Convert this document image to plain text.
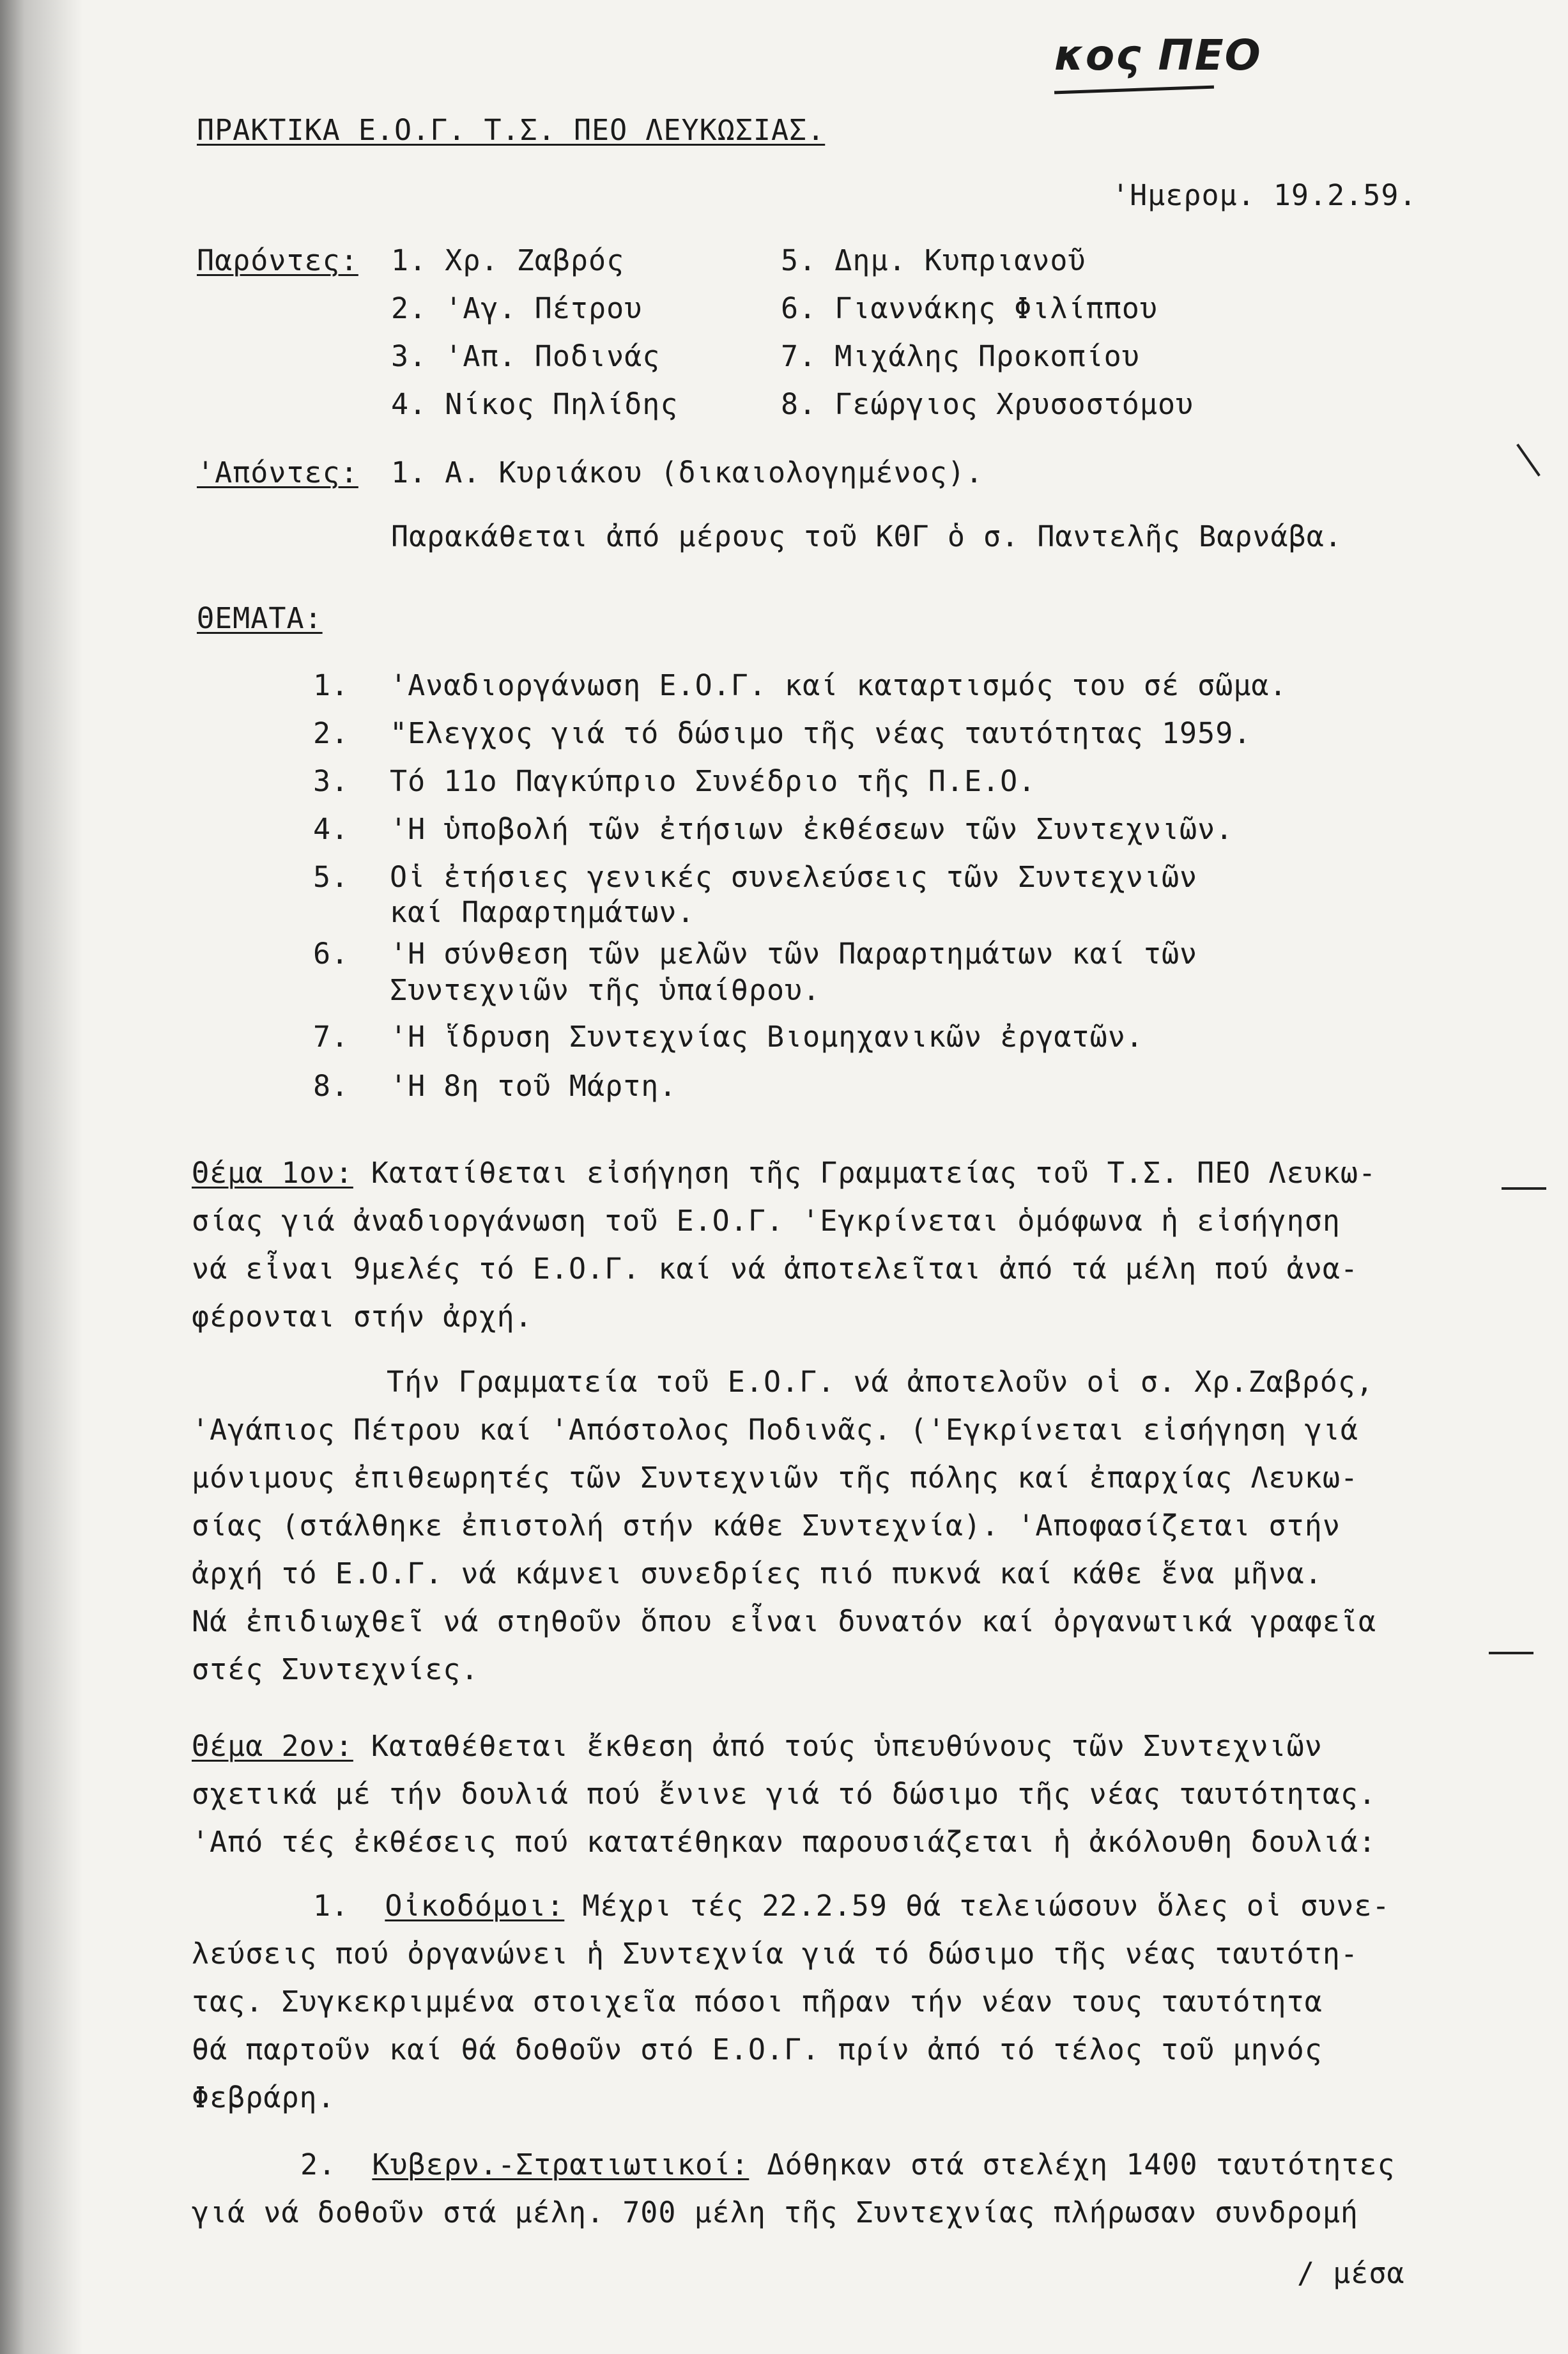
κος ΠΕΟ
ΠΡΑΚΤΙΚΑ Ε.Ο.Γ. Τ.Σ. ΠΕΟ ΛΕΥΚΩΣΙΑΣ.
'Ημερομ. 19.2.59.
Παρόντες: 1. Χρ. Ζαβρός
2. 'Αγ. Πέτρου
3. 'Απ. Ποδινάς
4. Νίκος Πηλίδης
5. Δημ. Κυπριανοῦ
6. Γιαννάκης Φιλίππου
7. Μιχάλης Προκοπίου
8. Γεώργιος Χρυσοστόμου
'Απόντες: 1. Α. Κυριάκου (δικαιολογημένος).
Παρακάθεται ἀπό μέρους τοῦ ΚΘΓ ὁ σ. Παντελῆς Βαρνάβα.
ΘΕΜΑΤΑ:
1. 'Αναδιοργάνωση Ε.Ο.Γ. καί καταρτισμός του σέ σῶμα.
2. "Ελεγχος γιά τό δώσιμο τῆς νέας ταυτότητας 1959.
3. Τό 11ο Παγκύπριο Συνέδριο τῆς Π.Ε.Ο.
4. 'Η ὑποβολή τῶν ἐτήσιων ἐκθέσεων τῶν Συντεχνιῶν.
5. Οἱ ἐτήσιες γενικές συνελεύσεις τῶν Συντεχνιῶν
καί Παραρτημάτων.
6. 'Η σύνθεση τῶν μελῶν τῶν Παραρτημάτων καί τῶν
Συντεχνιῶν τῆς ὑπαίθρου.
7. 'Η ἵδρυση Συντεχνίας Βιομηχανικῶν ἐργατῶν.
8. 'Η 8η τοῦ Μάρτη.
Θέμα 1ον: Κατατίθεται εἰσήγηση τῆς Γραμματείας τοῦ Τ.Σ. ΠΕΟ Λευκω-
σίας γιά ἀναδιοργάνωση τοῦ Ε.Ο.Γ. 'Εγκρίνεται ὁμόφωνα ἡ εἰσήγηση
νά εἶναι 9μελές τό Ε.Ο.Γ. καί νά ἀποτελεῖται ἀπό τά μέλη πού ἀνα-
φέρονται στήν ἀρχή.
Τήν Γραμματεία τοῦ Ε.Ο.Γ. νά ἀποτελοῦν οἱ σ. Χρ.Ζαβρός,
'Αγάπιος Πέτρου καί 'Απόστολος Ποδινᾶς. ('Εγκρίνεται εἰσήγηση γιά
μόνιμους ἐπιθεωρητές τῶν Συντεχνιῶν τῆς πόλης καί ἐπαρχίας Λευκω-
σίας (στάλθηκε ἐπιστολή στήν κάθε Συντεχνία). 'Αποφασίζεται στήν
ἀρχή τό Ε.Ο.Γ. νά κάμνει συνεδρίες πιό πυκνά καί κάθε ἕνα μῆνα.
Νά ἐπιδιωχθεῖ νά στηθοῦν ὅπου εἶναι δυνατόν καί ὀργανωτικά γραφεῖα
στές Συντεχνίες.
Θέμα 2ον: Καταθέθεται ἔκθεση ἀπό τούς ὑπευθύνους τῶν Συντεχνιῶν
σχετικά μέ τήν δουλιά πού ἔνινε γιά τό δώσιμο τῆς νέας ταυτότητας.
'Από τές ἐκθέσεις πού κατατέθηκαν παρουσιάζεται ἡ ἀκόλουθη δουλιά:
1. Οἰκοδόμοι: Μέχρι τές 22.2.59 θά τελειώσουν ὅλες οἱ συνε-
λεύσεις πού ὀργανώνει ἡ Συντεχνία γιά τό δώσιμο τῆς νέας ταυτότη-
τας. Συγκεκριμμένα στοιχεῖα πόσοι πῆραν τήν νέαν τους ταυτότητα
θά παρτοῦν καί θά δοθοῦν στό Ε.Ο.Γ. πρίν ἀπό τό τέλος τοῦ μηνός
Φεβράρη.
2. Κυβερν.-Στρατιωτικοί: Δόθηκαν στά στελέχη 1400 ταυτότητες
γιά νά δοθοῦν στά μέλη. 700 μέλη τῆς Συντεχνίας πλήρωσαν συνδρομή
/ μέσα
